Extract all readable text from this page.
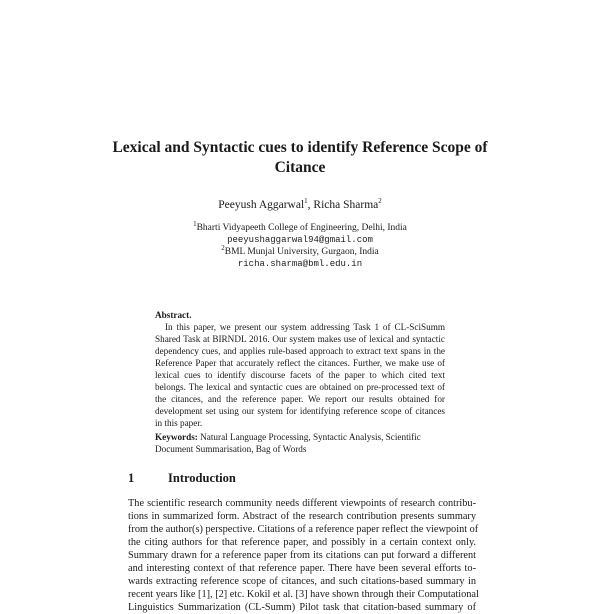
Lexical and Syntactic cues to identify Reference Scope of
Citance
Peeyush Aggarwal$^1$, Richa Sharma$^2$
$^1$Bharti Vidyapeeth College of Engineering, Delhi, India
peeyushaggarwal94@gmail.com
$^2$BML Munjal University, Gurgaon, India
richa.sharma@bml.edu.in
Abstract.
In this paper, we present our system addressing Task 1 of CL-SciSumm Shared Task at BIRNDL 2016. Our system makes use of lexical and syntactic dependency cues, and applies rule-based approach to extract text spans in the Reference Paper that accurately reflect the citances. Further, we make use of lexical cues to identify discourse facets of the paper to which cited text belongs. The lexical and syntactic cues are obtained on pre-processed text of the citances, and the reference paper. We report our results obtained for development set using our system for identifying reference scope of citances in this paper.
Keywords: Natural Language Processing, Syntactic Analysis, Scientific Document Summarisation, Bag of Words
1	Introduction
The scientific research community needs different viewpoints of research contribu-
tions in summarized form. Abstract of the research contribution presents summary
from the author(s) perspective. Citations of a reference paper reflect the viewpoint of
the citing authors for that reference paper, and possibly in a certain context only.
Summary drawn for a reference paper from its citations can put forward a different
and interesting context of that reference paper. There have been several efforts to-
wards extracting reference scope of citances, and such citations-based summary in
recent years like [1], [2] etc. Kokil et al. [3] have shown through their Computational
Linguistics Summarization (CL-Summ) Pilot task that citation-based summary of
